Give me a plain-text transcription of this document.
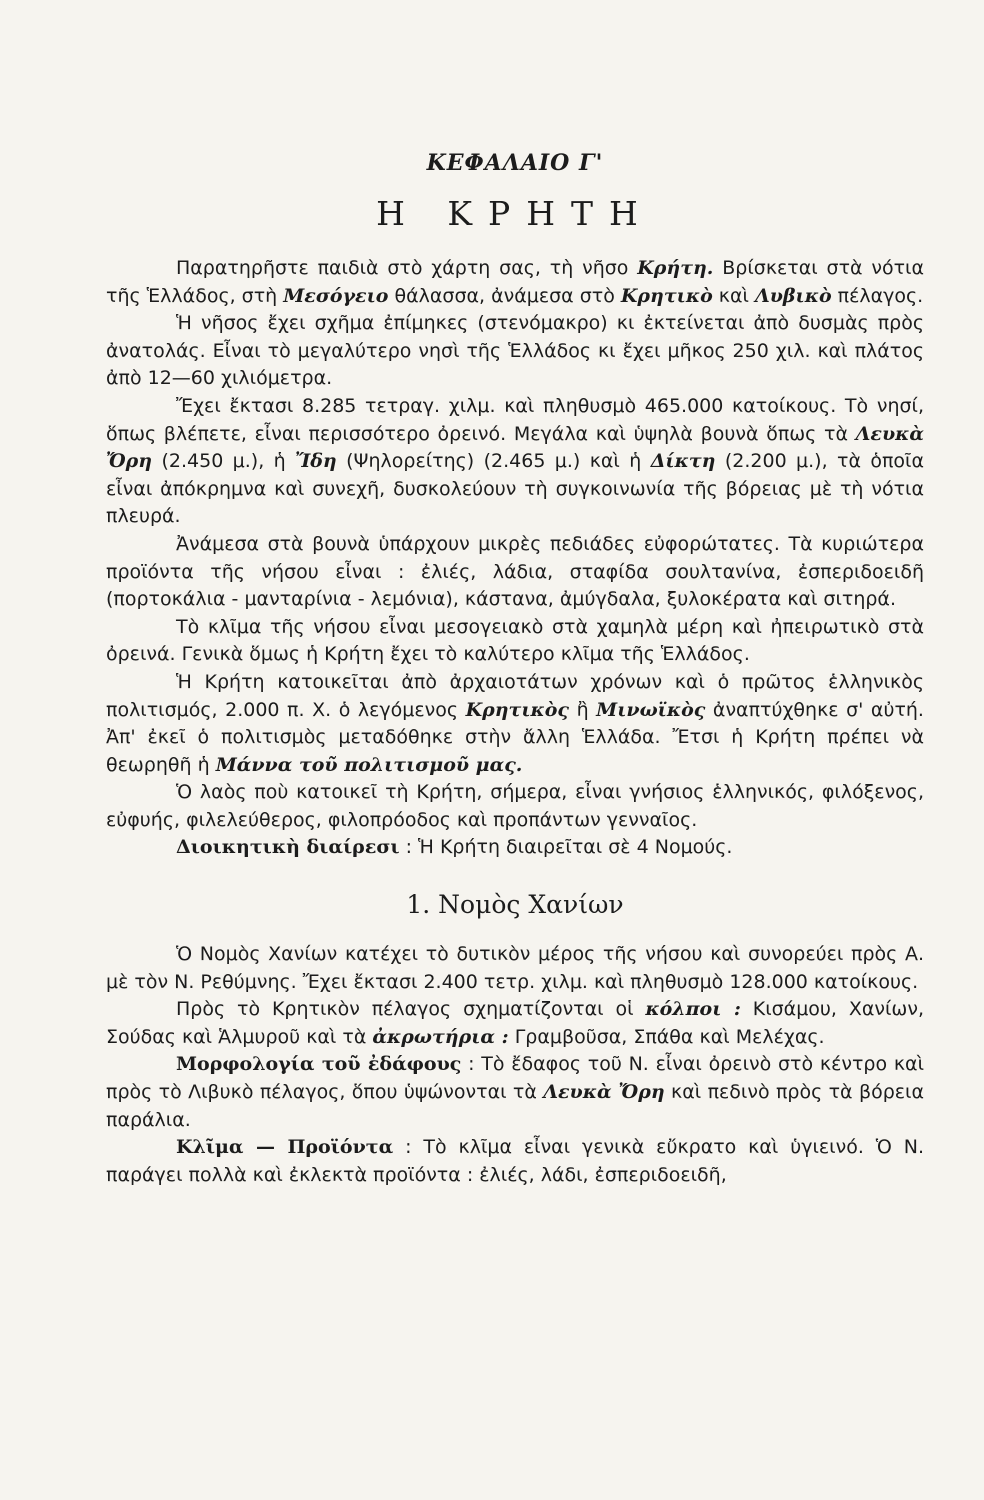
ΚΕΦΑΛΑΙΟ Γ'
Η ΚΡΗΤΗ

Παρατηρῆστε παιδιὰ στὸ χάρτη σας, τὴ νῆσο Κρήτη. Βρίσκεται στὰ νότια τῆς Ἑλλάδος, στὴ Μεσόγειο θάλασσα, ἀνάμεσα στὸ Κρητικὸ καὶ Λυβικὸ πέλαγος.

Ἡ νῆσος ἔχει σχῆμα ἐπίμηκες (στενόμακρο) κι ἐκτείνεται ἀπὸ δυσμὰς πρὸς ἀνατολάς. Εἶναι τὸ μεγαλύτερο νησὶ τῆς Ἑλλάδος κι ἔχει μῆκος 250 χιλ. καὶ πλάτος ἀπὸ 12—60 χιλιόμετρα.

Ἔχει ἔκτασι 8.285 τετραγ. χιλμ. καὶ πληθυσμὸ 465.000 κατοίκους. Τὸ νησί, ὅπως βλέπετε, εἶναι περισσότερο ὀρεινό. Μεγάλα καὶ ὑψηλὰ βουνὰ ὅπως τὰ Λευκὰ Ὄρη (2.450 μ.), ἡ Ἴδη (Ψηλορείτης) (2.465 μ.) καὶ ἡ Δίκτη (2.200 μ.), τὰ ὁποῖα εἶναι ἀπόκρημνα καὶ συνεχῆ, δυσκολεύουν τὴ συγκοινωνία τῆς βόρειας μὲ τὴ νότια πλευρά.

Ἀνάμεσα στὰ βουνὰ ὑπάρχουν μικρὲς πεδιάδες εὐφορώτατες. Τὰ κυριώτερα προϊόντα τῆς νήσου εἶναι : ἐλιές, λάδια, σταφίδα σουλτανίνα, ἐσπεριδοειδῆ (πορτοκάλια - μανταρίνια - λεμόνια), κάστανα, ἀμύγδαλα, ξυλοκέρατα καὶ σιτηρά.

Τὸ κλῖμα τῆς νήσου εἶναι μεσογειακὸ στὰ χαμηλὰ μέρη καὶ ἠπειρωτικὸ στὰ ὀρεινά. Γενικὰ ὅμως ἡ Κρήτη ἔχει τὸ καλύτερο κλῖμα τῆς Ἑλλάδος.

Ἡ Κρήτη κατοικεῖται ἀπὸ ἀρχαιοτάτων χρόνων καὶ ὁ πρῶτος ἑλληνικὸς πολιτισμός, 2.000 π. Χ. ὁ λεγόμενος Κρητικὸς ἢ Μινωϊκὸς ἀναπτύχθηκε σ' αὐτή. Ἀπ' ἐκεῖ ὁ πολιτισμὸς μεταδόθηκε στὴν ἄλλη Ἑλλάδα. Ἔτσι ἡ Κρήτη πρέπει νὰ θεωρηθῆ ἡ Μάννα τοῦ πολιτισμοῦ μας.

Ὁ λαὸς ποὺ κατοικεῖ τὴ Κρήτη, σήμερα, εἶναι γνήσιος ἑλληνικός, φιλόξενος, εὐφυής, φιλελεύθερος, φιλοπρόοδος καὶ προπάντων γενναῖος.

Διοικητικὴ διαίρεσι : Ἡ Κρήτη διαιρεῖται σὲ 4 Νομούς.

1. Νομὸς Χανίων

Ὁ Νομὸς Χανίων κατέχει τὸ δυτικὸν μέρος τῆς νήσου καὶ συνορεύει πρὸς Α. μὲ τὸν Ν. Ρεθύμνης. Ἔχει ἔκτασι 2.400 τετρ. χιλμ. καὶ πληθυσμὸ 128.000 κατοίκους.

Πρὸς τὸ Κρητικὸν πέλαγος σχηματίζονται οἱ κόλποι : Κισάμου, Χανίων, Σούδας καὶ Ἁλμυροῦ καὶ τὰ ἀκρωτήρια : Γραμβοῦσα, Σπάθα καὶ Μελέχας.

Μορφολογία τοῦ ἐδάφους : Τὸ ἔδαφος τοῦ Ν. εἶναι ὀρεινὸ στὸ κέντρο καὶ πρὸς τὸ Λιβυκὸ πέλαγος, ὅπου ὑψώνονται τὰ Λευκὰ Ὄρη καὶ πεδινὸ πρὸς τὰ βόρεια παράλια.

Κλῖμα — Προϊόντα : Τὸ κλῖμα εἶναι γενικὰ εὔκρατο καὶ ὑγιεινό. Ὁ Ν. παράγει πολλὰ καὶ ἐκλεκτὰ προϊόντα : ἐλιές, λάδι, ἐσπεριδοειδῆ,
